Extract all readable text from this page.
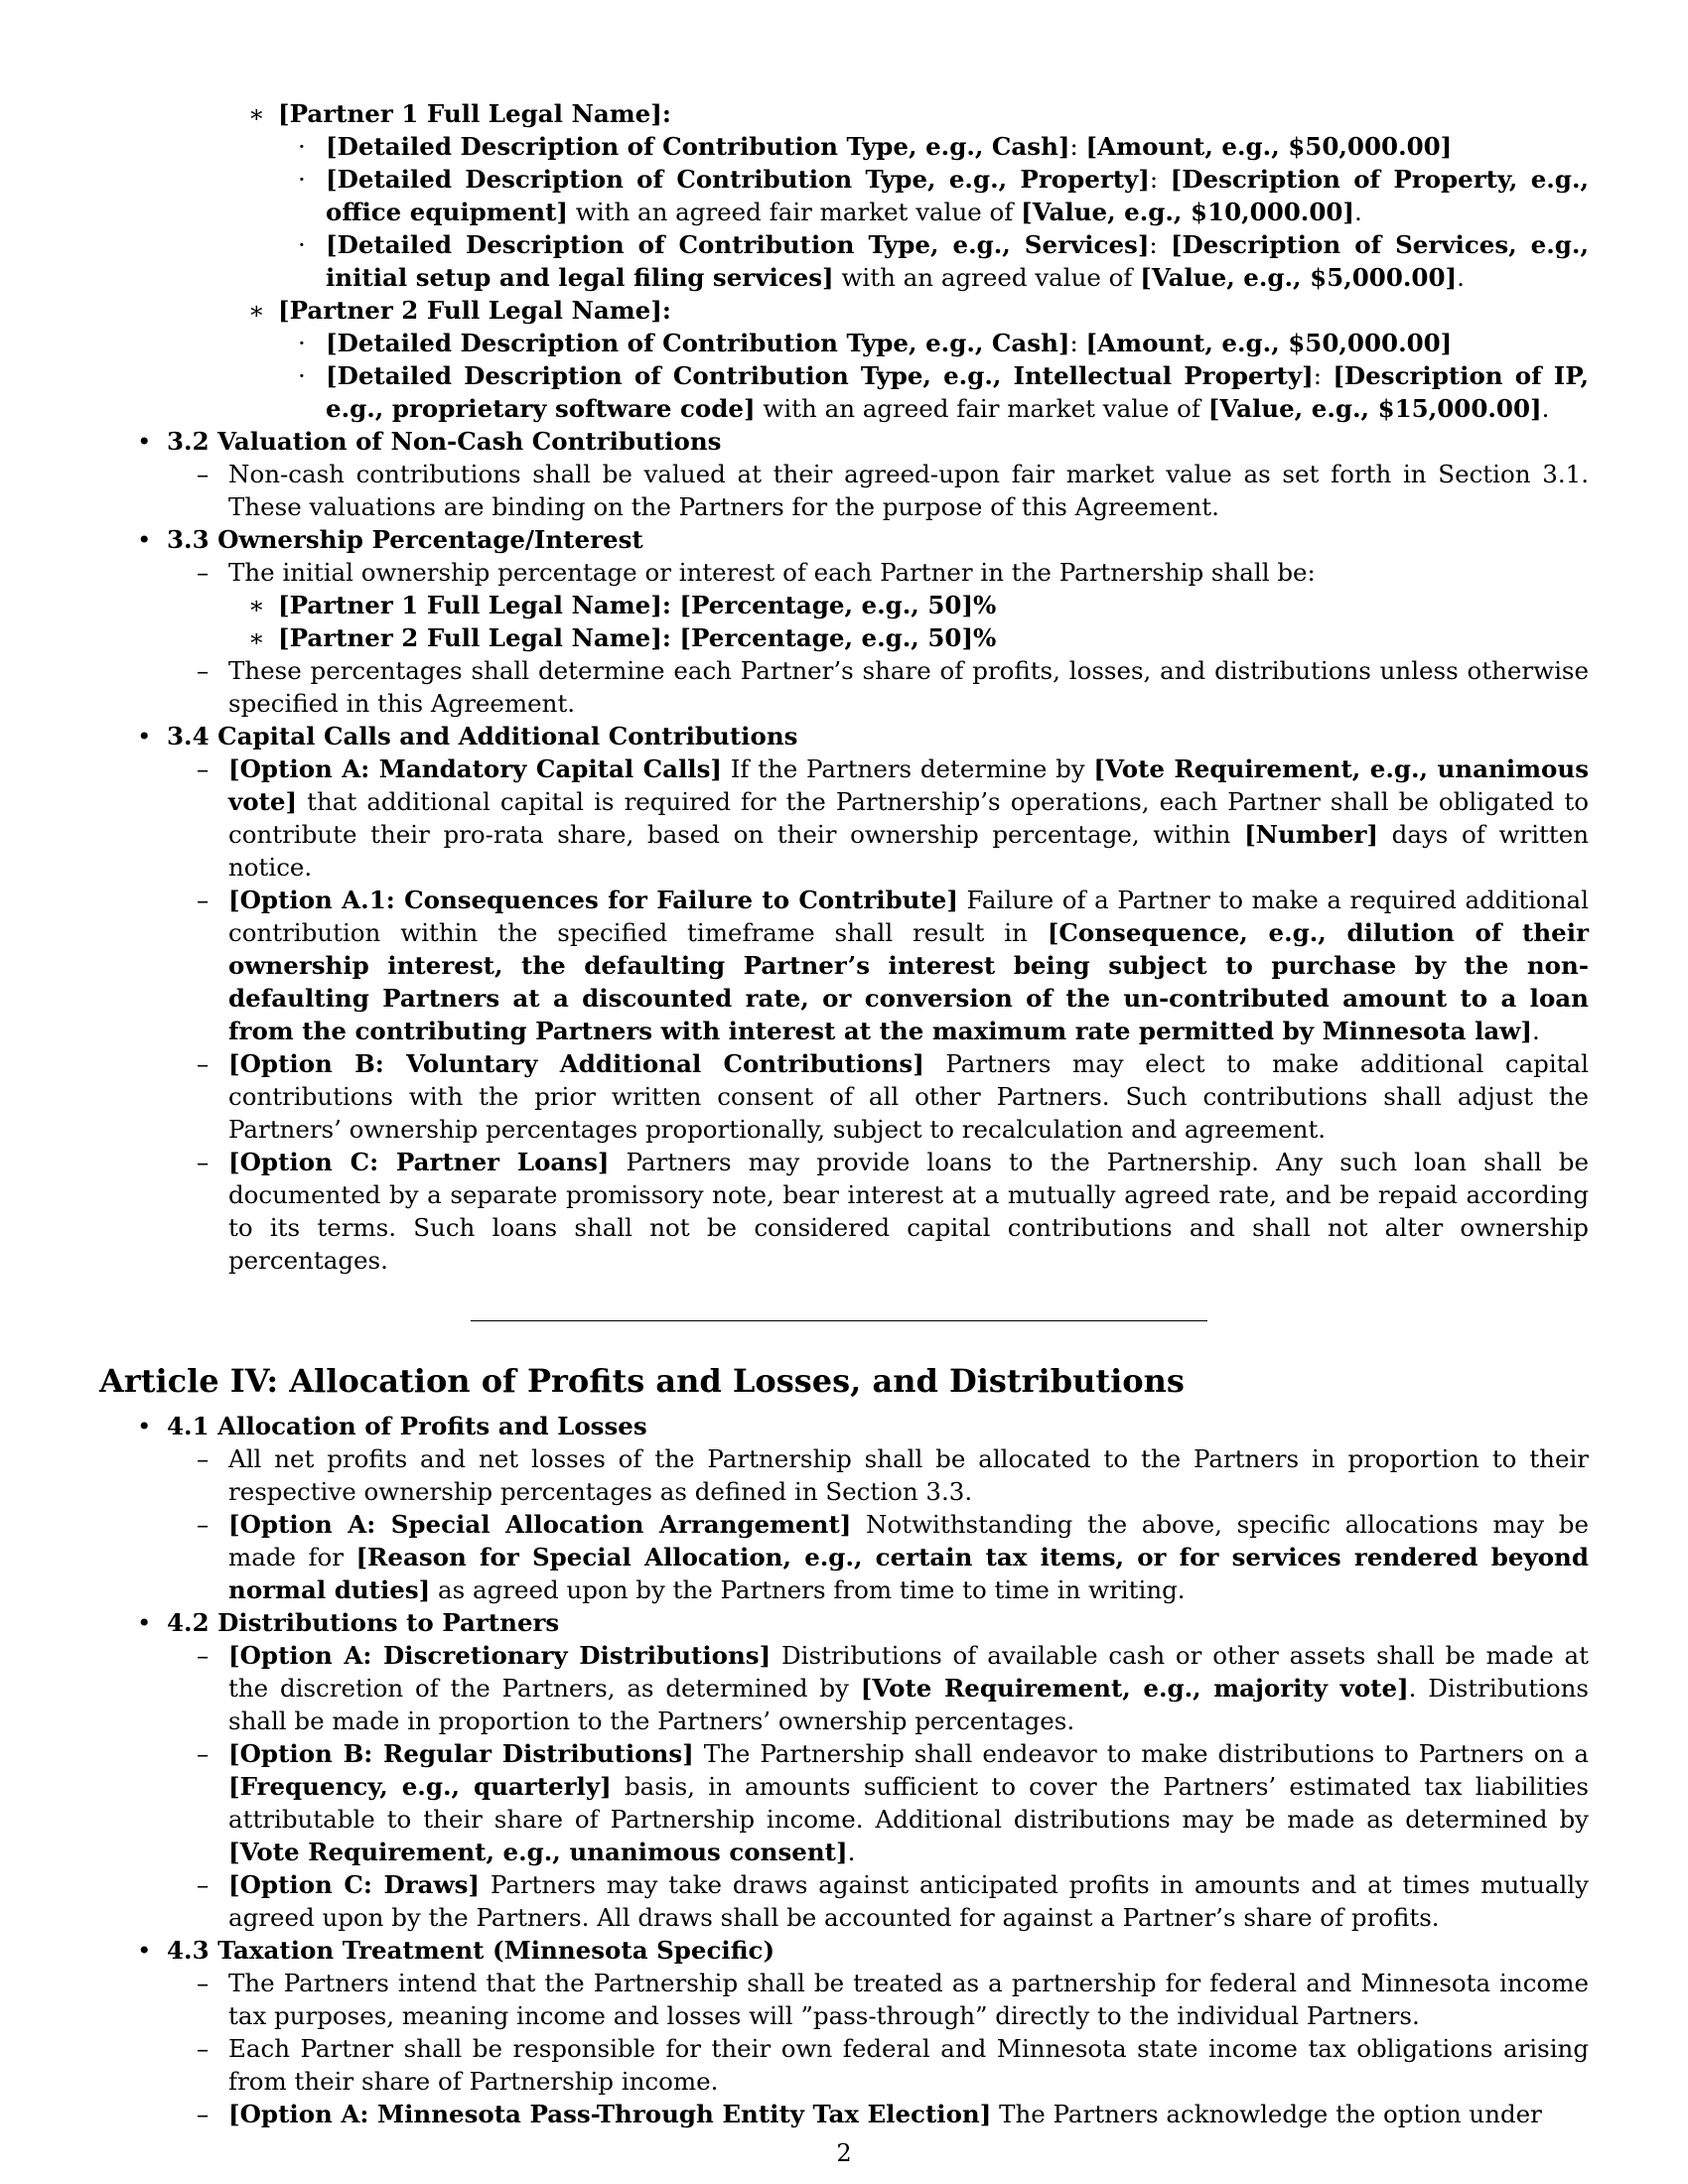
∗ [Partner 1 Full Legal Name]:
· [Detailed Description of Contribution Type, e.g., Cash]: [Amount, e.g., $50,000.00]
· [Detailed Description of Contribution Type, e.g., Property]: [Description of Property, e.g., office equipment] with an agreed fair market value of [Value, e.g., $10,000.00].
· [Detailed Description of Contribution Type, e.g., Services]: [Description of Services, e.g., initial setup and legal filing services] with an agreed value of [Value, e.g., $5,000.00].
∗ [Partner 2 Full Legal Name]:
· [Detailed Description of Contribution Type, e.g., Cash]: [Amount, e.g., $50,000.00]
· [Detailed Description of Contribution Type, e.g., Intellectual Property]: [Description of IP, e.g., proprietary software code] with an agreed fair market value of [Value, e.g., $15,000.00].
• 3.2 Valuation of Non-Cash Contributions
– Non-cash contributions shall be valued at their agreed-upon fair market value as set forth in Section 3.1. These valuations are binding on the Partners for the purpose of this Agreement.
• 3.3 Ownership Percentage/Interest
– The initial ownership percentage or interest of each Partner in the Partnership shall be:
∗ [Partner 1 Full Legal Name]: [Percentage, e.g., 50]%
∗ [Partner 2 Full Legal Name]: [Percentage, e.g., 50]%
– These percentages shall determine each Partner’s share of profits, losses, and distributions unless otherwise specified in this Agreement.
• 3.4 Capital Calls and Additional Contributions
– [Option A: Mandatory Capital Calls] If the Partners determine by [Vote Requirement, e.g., unanimous vote] that additional capital is required for the Partnership’s operations, each Partner shall be obligated to contribute their pro-rata share, based on their ownership percentage, within [Number] days of written notice.
– [Option A.1: Consequences for Failure to Contribute] Failure of a Partner to make a required additional contribution within the specified timeframe shall result in [Consequence, e.g., dilution of their ownership interest, the defaulting Partner’s interest being subject to purchase by the non-defaulting Partners at a discounted rate, or conversion of the un-contributed amount to a loan from the contributing Partners with interest at the maximum rate permitted by Minnesota law].
– [Option B: Voluntary Additional Contributions] Partners may elect to make additional capital contributions with the prior written consent of all other Partners. Such contributions shall adjust the Partners’ ownership percentages proportionally, subject to recalculation and agreement.
– [Option C: Partner Loans] Partners may provide loans to the Partnership. Any such loan shall be documented by a separate promissory note, bear interest at a mutually agreed rate, and be repaid according to its terms. Such loans shall not be considered capital contributions and shall not alter ownership percentages.
Article IV: Allocation of Profits and Losses, and Distributions
• 4.1 Allocation of Profits and Losses
– All net profits and net losses of the Partnership shall be allocated to the Partners in proportion to their respective ownership percentages as defined in Section 3.3.
– [Option A: Special Allocation Arrangement] Notwithstanding the above, specific allocations may be made for [Reason for Special Allocation, e.g., certain tax items, or for services rendered beyond normal duties] as agreed upon by the Partners from time to time in writing.
• 4.2 Distributions to Partners
– [Option A: Discretionary Distributions] Distributions of available cash or other assets shall be made at the discretion of the Partners, as determined by [Vote Requirement, e.g., majority vote]. Distributions shall be made in proportion to the Partners’ ownership percentages.
– [Option B: Regular Distributions] The Partnership shall endeavor to make distributions to Partners on a [Frequency, e.g., quarterly] basis, in amounts sufficient to cover the Partners’ estimated tax liabilities attributable to their share of Partnership income. Additional distributions may be made as determined by [Vote Requirement, e.g., unanimous consent].
– [Option C: Draws] Partners may take draws against anticipated profits in amounts and at times mutually agreed upon by the Partners. All draws shall be accounted for against a Partner’s share of profits.
• 4.3 Taxation Treatment (Minnesota Specific)
– The Partners intend that the Partnership shall be treated as a partnership for federal and Minnesota income tax purposes, meaning income and losses will ”pass-through” directly to the individual Partners.
– Each Partner shall be responsible for their own federal and Minnesota state income tax obligations arising from their share of Partnership income.
– [Option A: Minnesota Pass-Through Entity Tax Election] The Partners acknowledge the option under
2
